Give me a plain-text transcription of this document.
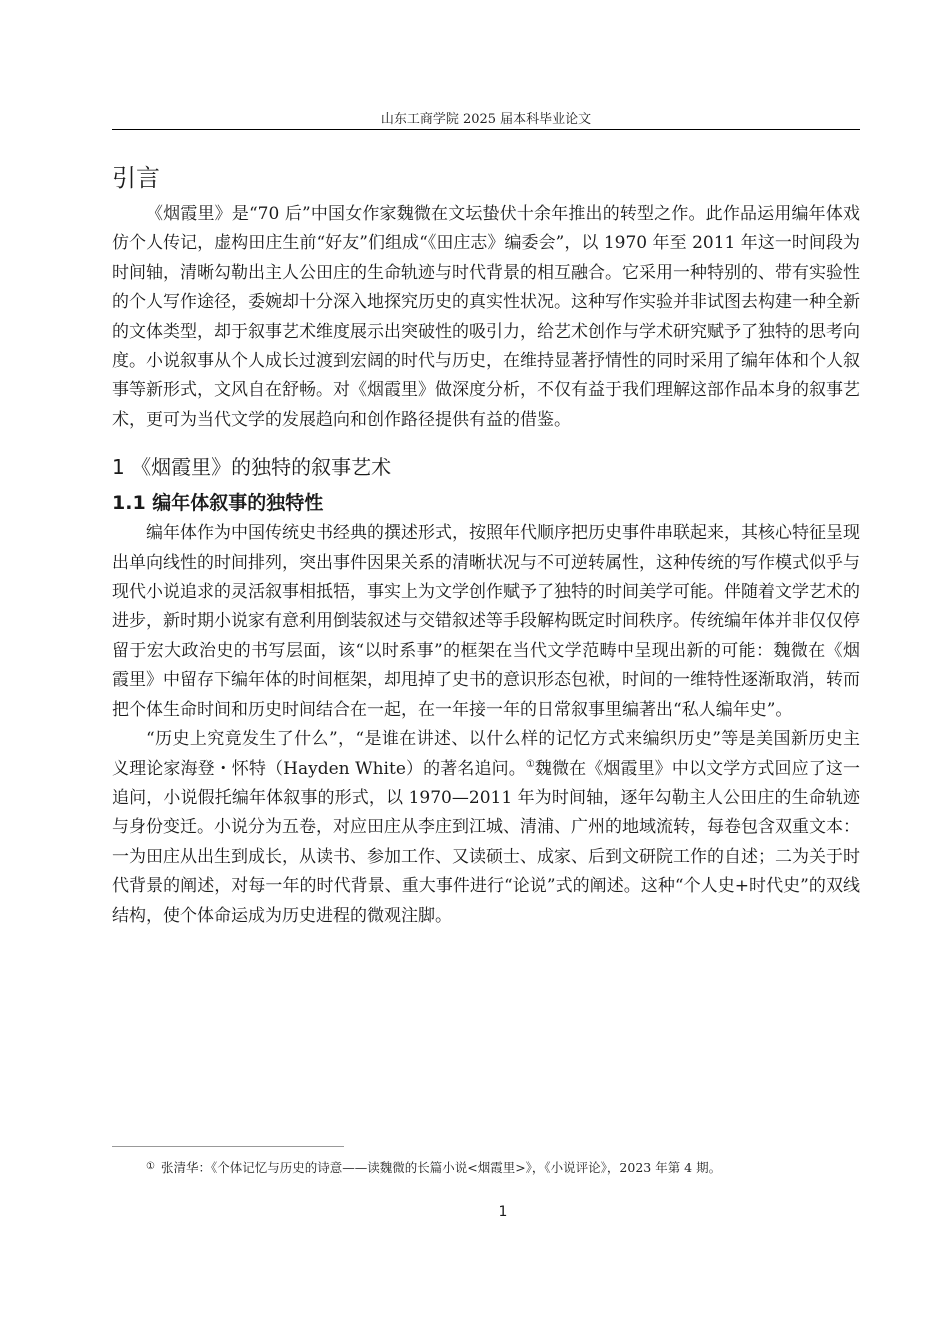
山东工商学院 2025 届本科毕业论文
引言

《烟霞里》是“70 后”中国女作家魏微在文坛蛰伏十余年推出的转型之作。此作品运用编年体戏仿个人传记，虚构田庄生前“好友”们组成“《田庄志》编委会”，以 1970 年至 2011 年这一时间段为时间轴，清晰勾勒出主人公田庄的生命轨迹与时代背景的相互融合。它采用一种特别的、带有实验性的个人写作途径，委婉却十分深入地探究历史的真实性状况。这种写作实验并非试图去构建一种全新的文体类型，却于叙事艺术维度展示出突破性的吸引力，给艺术创作与学术研究赋予了独特的思考向度。小说叙事从个人成长过渡到宏阔的时代与历史，在维持显著抒情性的同时采用了编年体和个人叙事等新形式，文风自在舒畅。对《烟霞里》做深度分析，不仅有益于我们理解这部作品本身的叙事艺术，更可为当代文学的发展趋向和创作路径提供有益的借鉴。

1 《烟霞里》的独特的叙事艺术
1.1 编年体叙事的独特性

编年体作为中国传统史书经典的撰述形式，按照年代顺序把历史事件串联起来，其核心特征呈现出单向线性的时间排列，突出事件因果关系的清晰状况与不可逆转属性，这种传统的写作模式似乎与现代小说追求的灵活叙事相抵牾，事实上为文学创作赋予了独特的时间美学可能。伴随着文学艺术的进步，新时期小说家有意利用倒装叙述与交错叙述等手段解构既定时间秩序。传统编年体并非仅仅停留于宏大政治史的书写层面，该“以时系事”的框架在当代文学范畴中呈现出新的可能：魏微在《烟霞里》中留存下编年体的时间框架，却甩掉了史书的意识形态包袱，时间的一维特性逐渐取消，转而把个体生命时间和历史时间结合在一起，在一年接一年的日常叙事里编著出“私人编年史”。

“历史上究竟发生了什么”，“是谁在讲述、以什么样的记忆方式来编织历史”等是美国新历史主义理论家海登・怀特（Hayden White）的著名追问。①魏微在《烟霞里》中以文学方式回应了这一追问，小说假托编年体叙事的形式，以 1970—2011 年为时间轴，逐年勾勒主人公田庄的生命轨迹与身份变迁。小说分为五卷，对应田庄从李庄到江城、清浦、广州的地域流转，每卷包含双重文本：一为田庄从出生到成长，从读书、参加工作、又读硕士、成家、后到文研院工作的自述；二为关于时代背景的阐述，对每一年的时代背景、重大事件进行“论说”式的阐述。这种“个人史+时代史”的双线结构，使个体命运成为历史进程的微观注脚。

① 张清华：《个体记忆与历史的诗意——读魏微的长篇小说<烟霞里>》，《小说评论》，2023 年第 4 期。
1
